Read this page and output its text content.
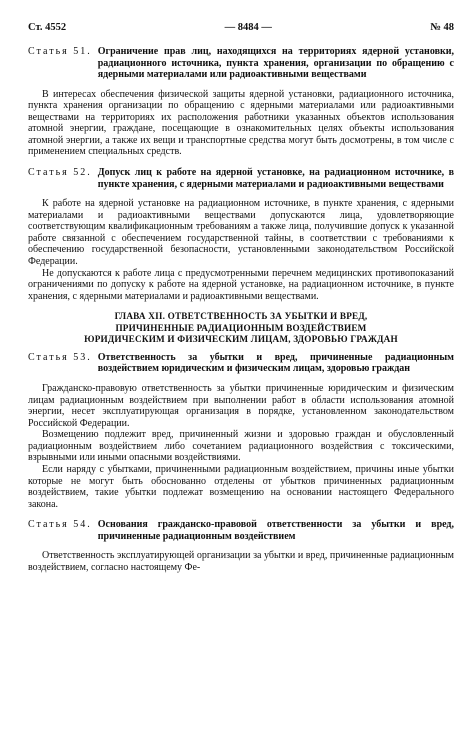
Ст. 4552	— 8484 —	№ 48
Статья 51. Ограничение прав лиц, находящихся на территориях ядерной установки, радиационного источника, пункта хранения, организации по обращению с ядерными материалами или радиоактивными веществами

В интересах обеспечения физической защиты ядерной установки, радиационного источника, пункта хранения организации по обращению с ядерными материалами или радиоактивными веществами на территориях их расположения работники указанных объектов использования атомной энергии, граждане, посещающие в ознакомительных целях объекты использования атомной энергии, а также их вещи и транспортные средства могут быть досмотрены, в том числе с применением специальных средств.

Статья 52. Допуск лиц к работе на ядерной установке, на радиационном источнике, в пункте хранения, с ядерными материалами и радиоактивными веществами

К работе на ядерной установке на радиационном источнике, в пункте хранения, с ядерными материалами и радиоактивными веществами допускаются лица, удовлетворяющие соответствующим квалификационным требованиям а также лица, получившие допуск к указанной работе связанной с обеспечением государственной тайны, в соответствии с требованиями к обеспечению государственной безопасности, установленными законодательством Российской Федерации.

Не допускаются к работе лица с предусмотренными перечнем медицинских противопоказаний ограничениями по допуску к работе на ядерной установке, на радиационном источнике, в пункте хранения, с ядерными материалами и радиоактивными веществами.

ГЛАВА XII. ОТВЕТСТВЕННОСТЬ ЗА УБЫТКИ И ВРЕД,
ПРИЧИНЕННЫЕ РАДИАЦИОННЫМ ВОЗДЕЙСТВИЕМ
ЮРИДИЧЕСКИМ И ФИЗИЧЕСКИМ ЛИЦАМ, ЗДОРОВЬЮ ГРАЖДАН
Статья 53. Ответственность за убытки и вред, причиненные радиационным воздействием юридическим и физическим лицам, здоровью граждан

Гражданско-правовую ответственность за убытки причиненные юридическим и физическим лицам радиационным воздействием при выполнении работ в области использования атомной энергии, несет эксплуатирующая организация в порядке, установленном законодательством Российской Федерации.

Возмещению подлежит вред, причиненный жизни и здоровью граждан и обусловленный радиационным воздействием либо сочетанием радиационного воздействия с токсическими, взрывными или иными опасными воздействиями.

Если наряду с убытками, причиненными радиационным воздействием, причины иные убытки которые не могут быть обоснованно отделены от убытков причиненных радиационным воздействием, такие убытки подлежат возмещению на основании настоящего Федерального закона.

Статья 54. Основания гражданско-правовой ответственности за убытки и вред, причиненные радиационным воздействием

Ответственность эксплуатирующей организации за убытки и вред, причиненные радиационным воздействием, согласно настоящему Фе-
